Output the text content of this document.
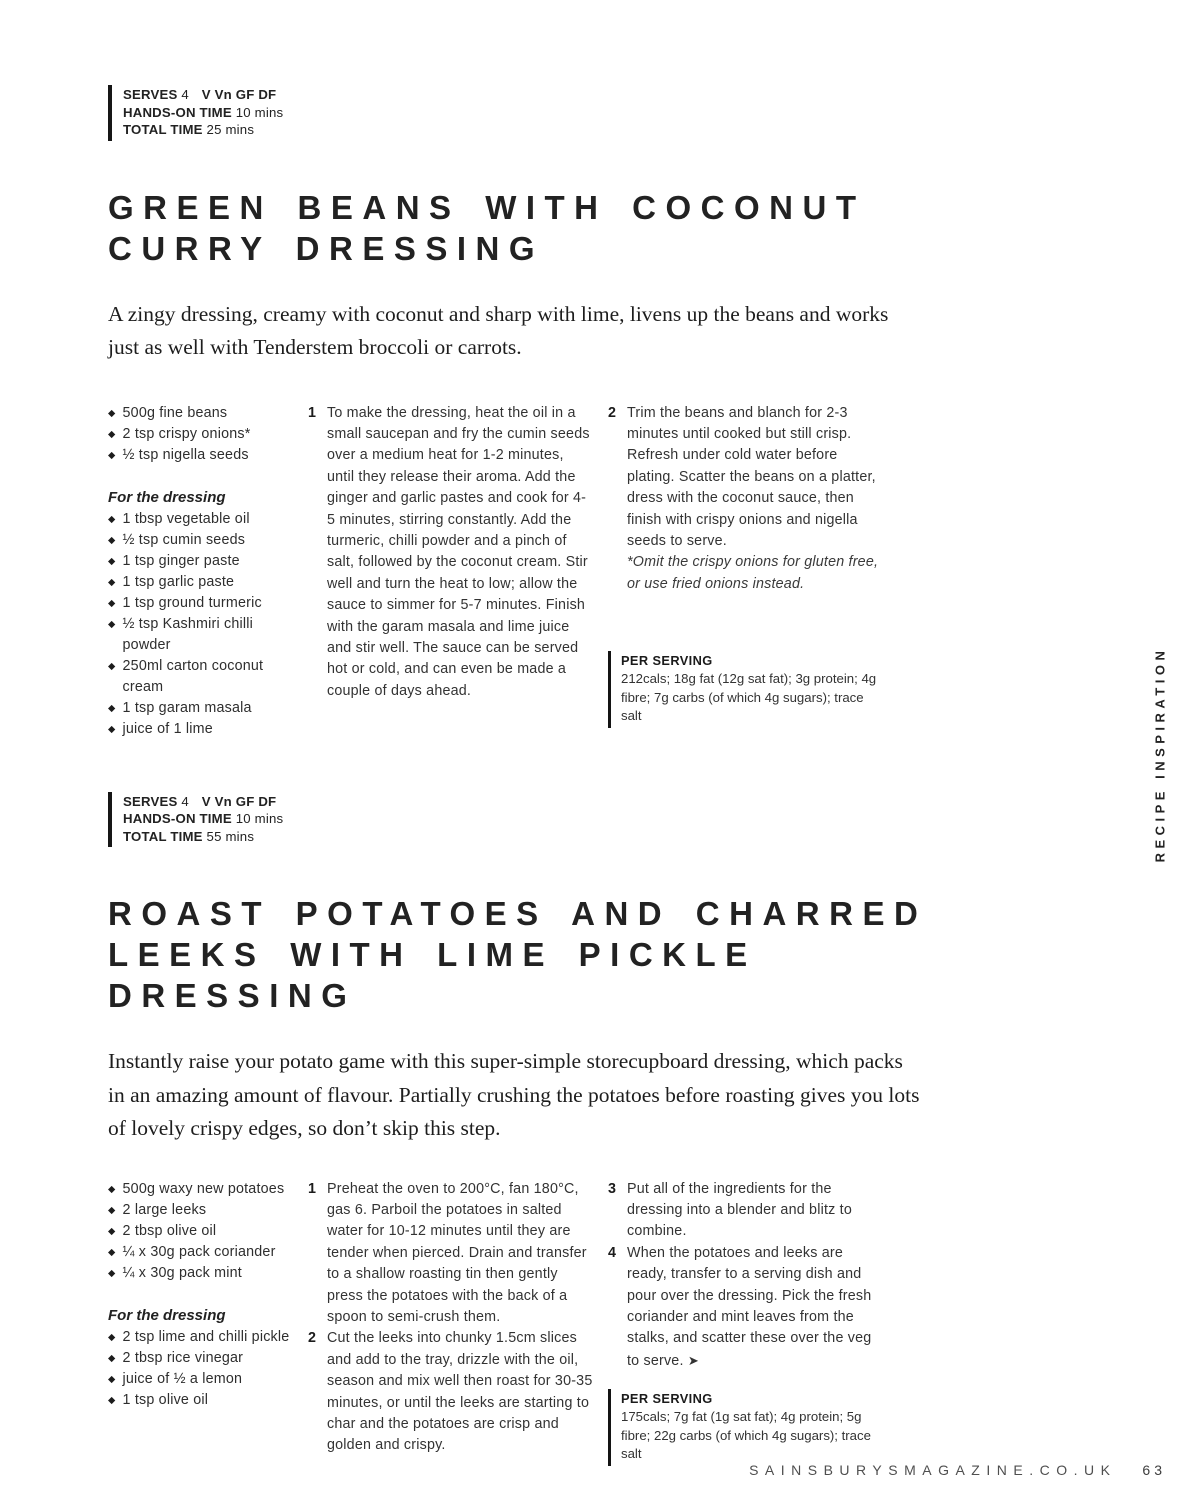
SERVES 4 V Vn GF DF
HANDS-ON TIME 10 mins
TOTAL TIME 25 mins
GREEN BEANS WITH COCONUT CURRY DRESSING

A zingy dressing, creamy with coconut and sharp with lime, livens up the beans and works just as well with Tenderstem broccoli or carrots.

◆ 500g fine beans
◆ 2 tsp crispy onions*
◆ ½ tsp nigella seeds

For the dressing

◆ 1 tbsp vegetable oil
◆ ½ tsp cumin seeds
◆ 1 tsp ginger paste
◆ 1 tsp garlic paste
◆ 1 tsp ground turmeric
◆ ½ tsp Kashmiri chilli powder
◆ 250ml carton coconut cream
◆ 1 tsp garam masala
◆ juice of 1 lime
1 To make the dressing, heat the oil in a small saucepan and fry the cumin seeds over a medium heat for 1-2 minutes, until they release their aroma. Add the ginger and garlic pastes and cook for 4-5 minutes, stirring constantly. Add the turmeric, chilli powder and a pinch of salt, followed by the coconut cream. Stir well and turn the heat to low; allow the sauce to simmer for 5-7 minutes. Finish with the garam masala and lime juice and stir well. The sauce can be served hot or cold, and can even be made a couple of days ahead.
2 Trim the beans and blanch for 2-3 minutes until cooked but still crisp. Refresh under cold water before plating. Scatter the beans on a platter, dress with the coconut sauce, then finish with crispy onions and nigella seeds to serve.
*Omit the crispy onions for gluten free, or use fried onions instead.

PER SERVING

212cals; 18g fat (12g sat fat); 3g protein; 4g fibre; 7g carbs (of which 4g sugars); trace salt

SERVES 4 V Vn GF DF
HANDS-ON TIME 10 mins
TOTAL TIME 55 mins
ROAST POTATOES AND CHARRED LEEKS WITH LIME PICKLE DRESSING

Instantly raise your potato game with this super-simple storecupboard dressing, which packs in an amazing amount of flavour. Partially crushing the potatoes before roasting gives you lots of lovely crispy edges, so don’t skip this step.

◆ 500g waxy new potatoes
◆ 2 large leeks
◆ 2 tbsp olive oil
◆ ¼ x 30g pack coriander
◆ ¼ x 30g pack mint

For the dressing

◆ 2 tsp lime and chilli pickle
◆ 2 tbsp rice vinegar
◆ juice of ½ a lemon
◆ 1 tsp olive oil
1 Preheat the oven to 200°C, fan 180°C, gas 6. Parboil the potatoes in salted water for 10-12 minutes until they are tender when pierced. Drain and transfer to a shallow roasting tin then gently press the potatoes with the back of a spoon to semi-crush them.
2 Cut the leeks into chunky 1.5cm slices and add to the tray, drizzle with the oil, season and mix well then roast for 30-35 minutes, or until the leeks are starting to char and the potatoes are crisp and golden and crispy.
3 Put all of the ingredients for the dressing into a blender and blitz to combine.
4 When the potatoes and leeks are ready, transfer to a serving dish and pour over the dressing. Pick the fresh coriander and mint leaves from the stalks, and scatter these over the veg to serve. ➤

PER SERVING

175cals; 7g fat (1g sat fat); 4g protein; 5g fibre; 22g carbs (of which 4g sugars); trace salt

RECIPE INSPIRATION
SAINSBURYSMAGAZINE.CO.UK 63
